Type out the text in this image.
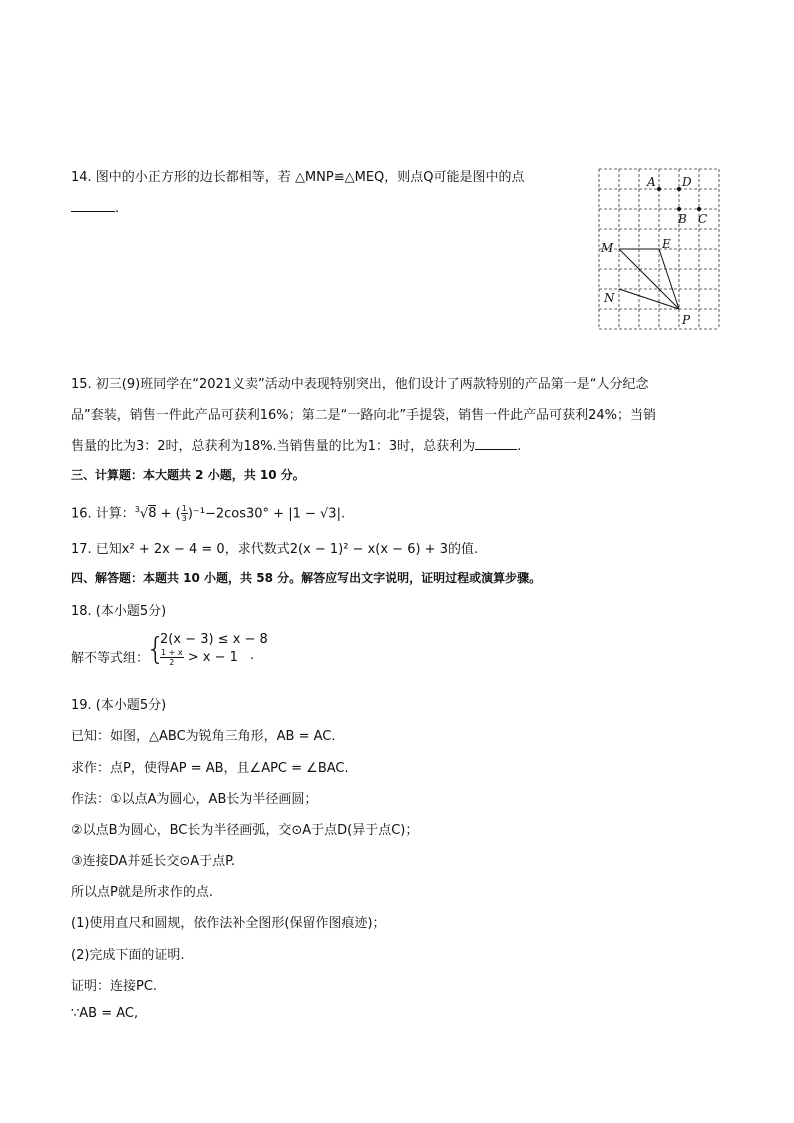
14. 图中的小正方形的边长都相等，若 △MNP≌△MEQ，则点Q可能是图中的点
.
A D
B C
M	E
N
P
15. 初三(9)班同学在“2021义卖”活动中表现特别突出，他们设计了两款特别的产品第一是“人分纪念
品”套装，销售一件此产品可获利16%；第二是“一路向北”手提袋，销售一件此产品可获利24%；当销
售量的比为3：2时，总获利为18%.当销售量的比为1：3时，总获利为	.
三、计算题：本大题共 2 小题，共 10 分。
16. 计算：$^3$√8 + ( $\frac{1}{3} )^{-1}-2\cos 30^\circ + |1 - √3|$.
17. 已知x² + 2x − 4 = 0，求代数式2(x − 1)² − x(x − 6) + 3的值.
四、解答题：本题共 10 小题，共 58 分。解答应写出文字说明，证明过程或演算步骤。
18. (本小题5分)
解不等式组：
{
2(x − 3) ≤ x − 8
$\frac{1 + x}{2} > x - 1$ .
19. (本小题5分)
已知：如图，△ABC为锐角三角形，AB = AC.
求作：点P，使得AP = AB，且∠APC = ∠BAC.
作法：①以点A为圆心，AB长为半径画圆；
②以点B为圆心，BC长为半径画弧，交⊙A于点D(异于点C)；
③连接DA并延长交⊙A于点P.
所以点P就是所求作的点.
(1)使用直尺和圆规，依作法补全图形(保留作图痕迹)；
(2)完成下面的证明.
证明：连接PC.
∵AB = AC,
